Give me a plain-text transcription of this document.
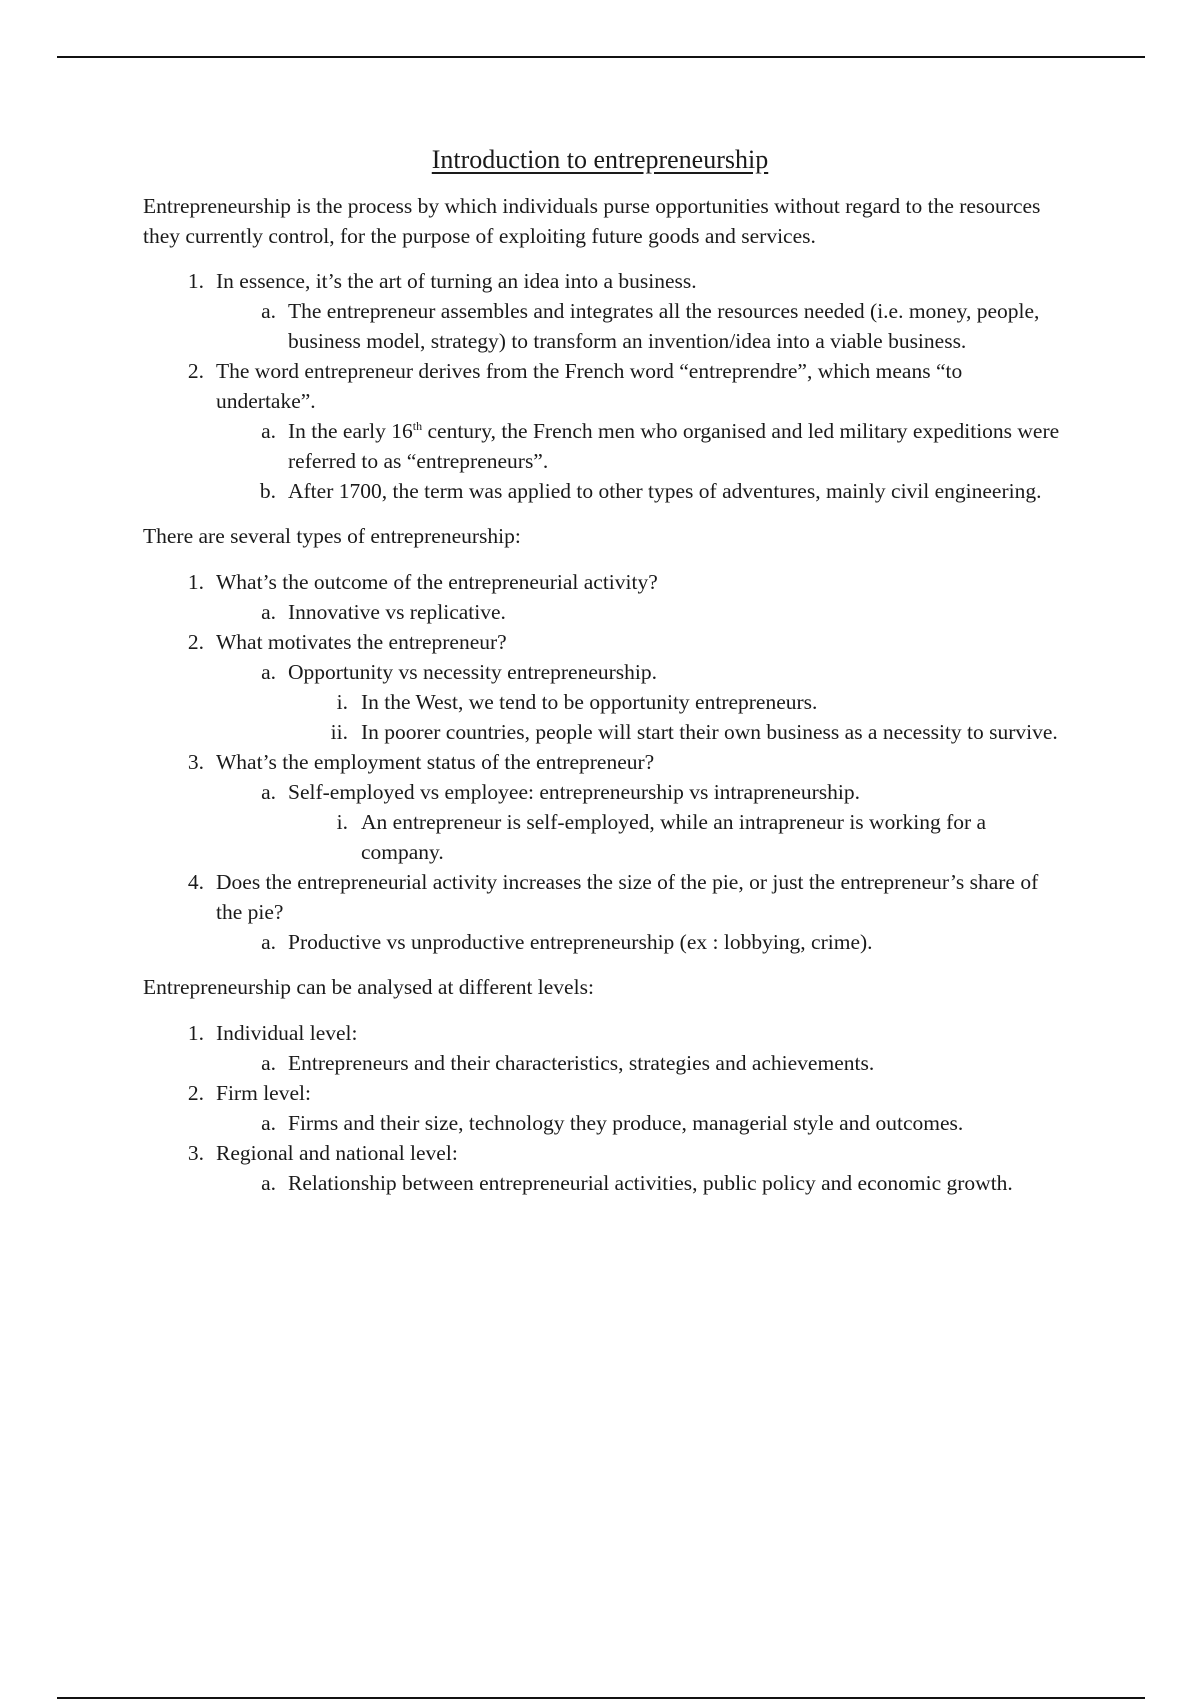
Introduction to entrepreneurship

Entrepreneurship is the process by which individuals purse opportunities without regard to the resources they currently control, for the purpose of exploiting future goods and services.

1. In essence, it’s the art of turning an idea into a business.
a. The entrepreneur assembles and integrates all the resources needed (i.e. money, people, business model, strategy) to transform an invention/idea into a viable business.
2. The word entrepreneur derives from the French word “entreprendre”, which means “to undertake”.
a. In the early 16th century, the French men who organised and led military expeditions were referred to as “entrepreneurs”.
b. After 1700, the term was applied to other types of adventures, mainly civil engineering.

There are several types of entrepreneurship:

1. What’s the outcome of the entrepreneurial activity?
a. Innovative vs replicative.
2. What motivates the entrepreneur?
a. Opportunity vs necessity entrepreneurship.
i. In the West, we tend to be opportunity entrepreneurs.
ii. In poorer countries, people will start their own business as a necessity to survive.
3. What’s the employment status of the entrepreneur?
a. Self-employed vs employee: entrepreneurship vs intrapreneurship.
i. An entrepreneur is self-employed, while an intrapreneur is working for a company.
4. Does the entrepreneurial activity increases the size of the pie, or just the entrepreneur’s share of the pie?
a. Productive vs unproductive entrepreneurship (ex : lobbying, crime).

Entrepreneurship can be analysed at different levels:

1. Individual level:
a. Entrepreneurs and their characteristics, strategies and achievements.
2. Firm level:
a. Firms and their size, technology they produce, managerial style and outcomes.
3. Regional and national level:
a. Relationship between entrepreneurial activities, public policy and economic growth.
